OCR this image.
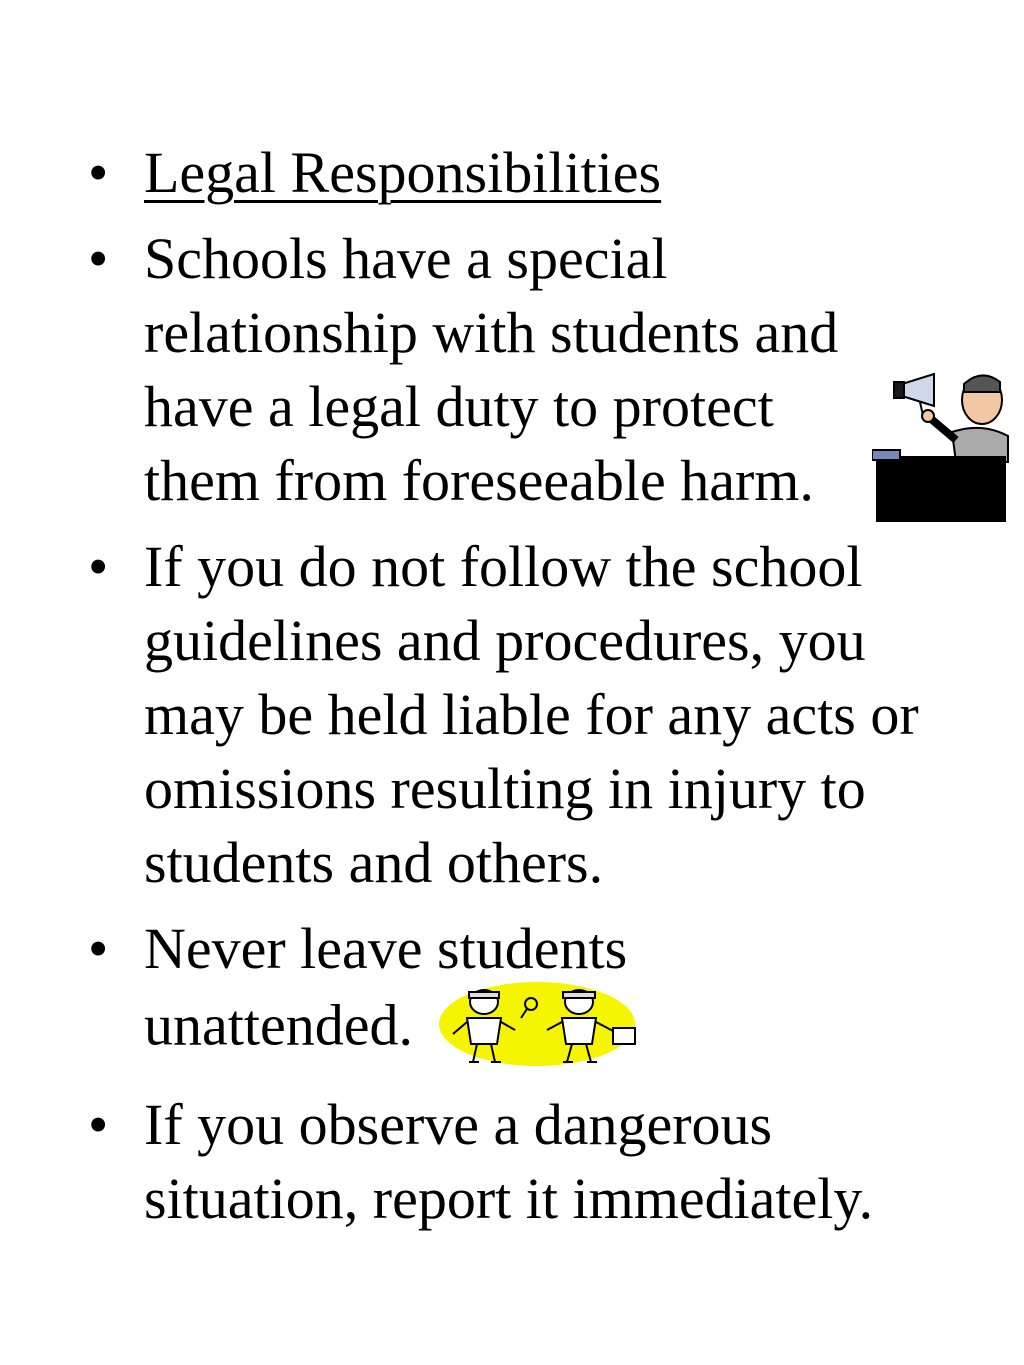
• Legal Responsibilities
• Schools have a special relationship with students and have a legal duty to protect them from foreseeable harm.
• If you do not follow the school guidelines and procedures, you may be held liable for any acts or omissions resulting in injury to students and others.
• Never leave students unattended.
• If you observe a dangerous situation, report it immediately.
